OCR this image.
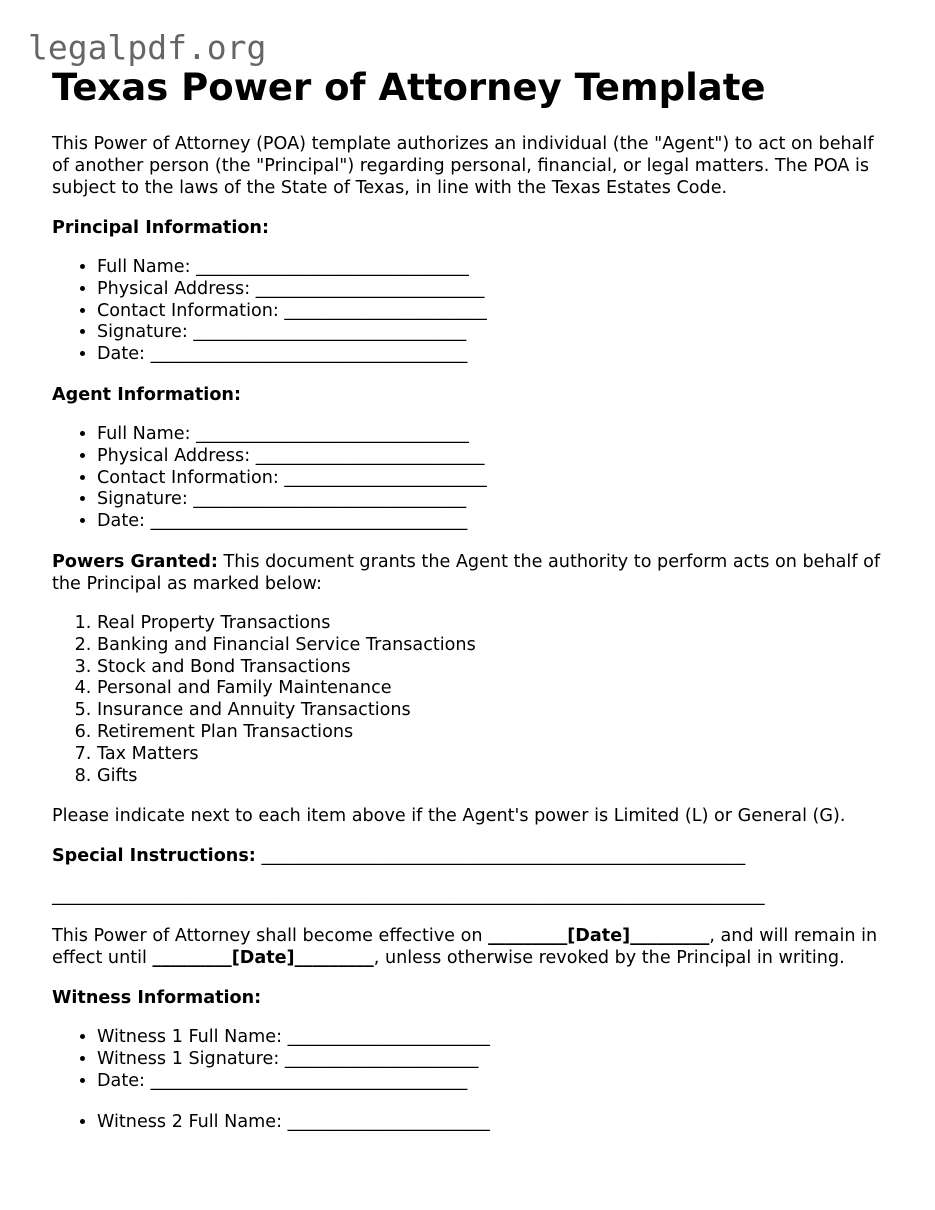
legalpdf.org
Texas Power of Attorney Template

This Power of Attorney (POA) template authorizes an individual (the "Agent") to act on behalf of another person (the "Principal") regarding personal, financial, or legal matters. The POA is subject to the laws of the State of Texas, in line with the Texas Estates Code.

Principal Information:

• Full Name: _______________________________
• Physical Address: __________________________
• Contact Information: _______________________
• Signature: _______________________________
• Date: ____________________________________

Agent Information:

• Full Name: _______________________________
• Physical Address: __________________________
• Contact Information: _______________________
• Signature: _______________________________
• Date: ____________________________________

Powers Granted: This document grants the Agent the authority to perform acts on behalf of the Principal as marked below:

1. Real Property Transactions
2. Banking and Financial Service Transactions
3. Stock and Bond Transactions
4. Personal and Family Maintenance
5. Insurance and Annuity Transactions
6. Retirement Plan Transactions
7. Tax Matters
8. Gifts

Please indicate next to each item above if the Agent's power is Limited (L) or General (G).

Special Instructions: _______________________________________________________

_________________________________________________________________________________

This Power of Attorney shall become effective on _________[Date]_________, and will remain in effect until _________[Date]_________, unless otherwise revoked by the Principal in writing.

Witness Information:

• Witness 1 Full Name: _______________________
• Witness 1 Signature: ______________________
• Date: ____________________________________
• Witness 2 Full Name: _______________________
